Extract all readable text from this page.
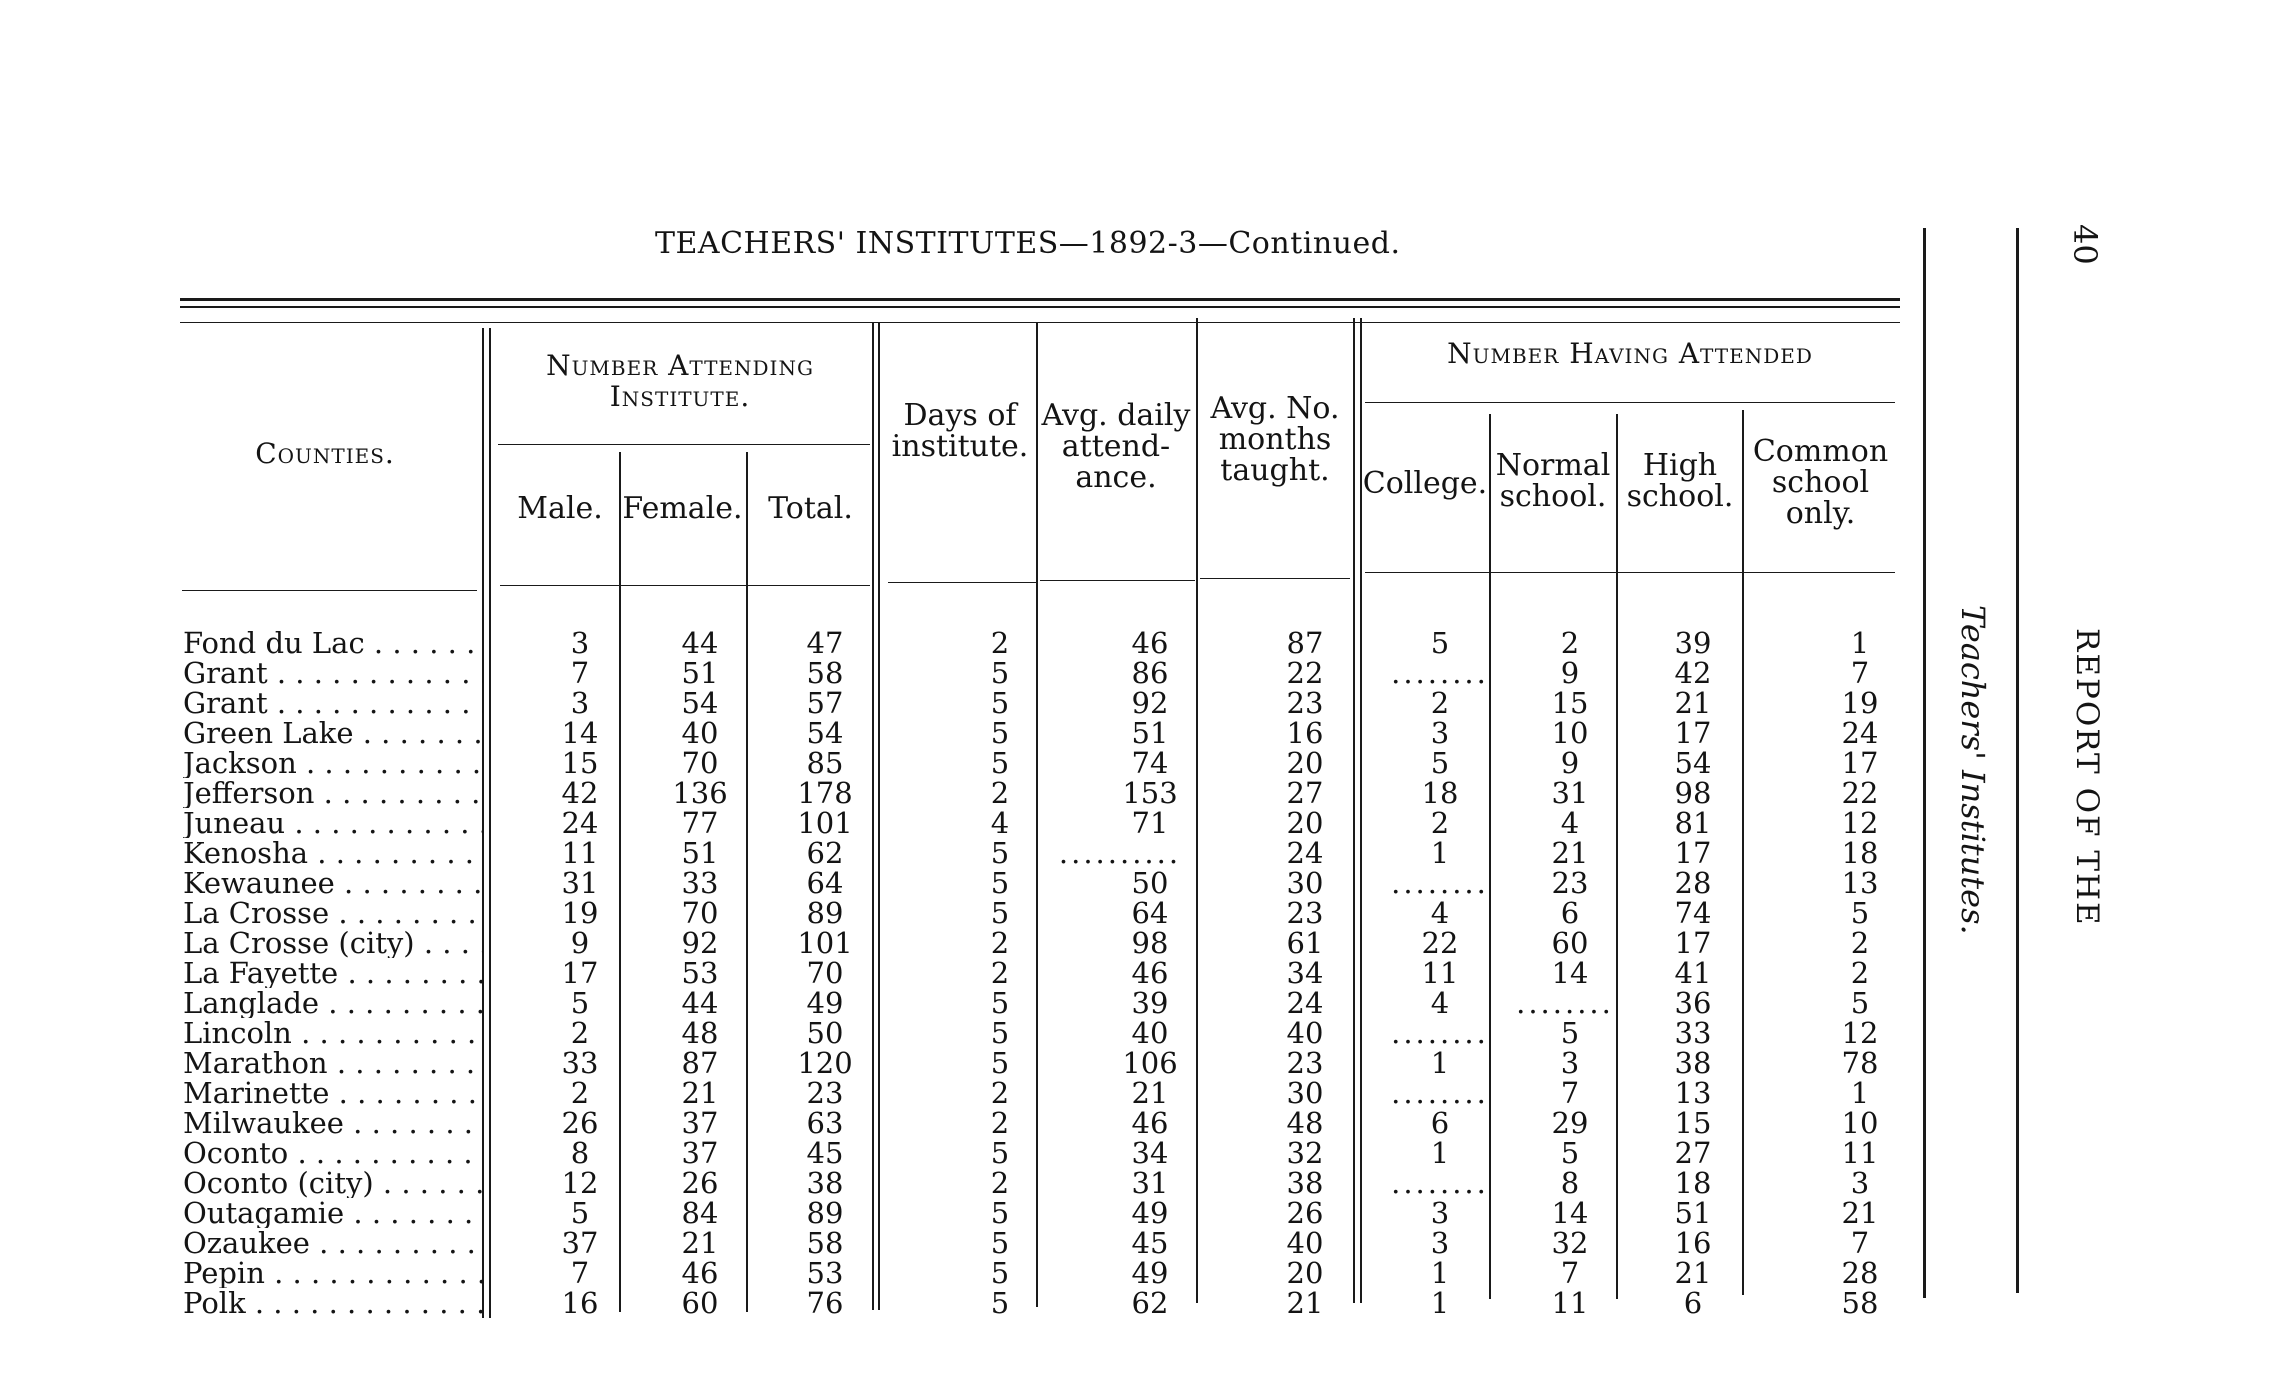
TEACHERS' INSTITUTES—1892-3—Continued.
Counties.
Number Attending Institute.
Male. Female. Total.
Days of institute.
Avg. daily attend-ance.
Avg. No. months taught.
Number Having Attended
College.
Normal school.
High school.
Common school only.
Fond du Lac . . .	3	44	47	2	46	87	5	2	39	1
Grant . . .	7	51	58	5	86	22	........	9	42	7
Grant . . .	3	54	57	5	92	23	2	15	21	19
Green Lake . . .	14	40	54	5	51	16	3	10	17	24
Jackson . . .	15	70	85	5	74	20	5	9	54	17
Jefferson . . .	42	136	178	2	153	27	18	31	98	22
Juneau . . .	24	77	101	4	71	20	2	4	81	12
Kenosha . . .	11	51	62	5	..........	24	1	21	17	18
Kewaunee . . .	31	33	64	5	50	30	........	23	28	13
La Crosse . . .	19	70	89	5	64	23	4	6	74	5
La Crosse (city) . . .	9	92	101	2	98	61	22	60	17	2
La Fayette . . .	17	53	70	2	46	34	11	14	41	2
Langlade . . .	5	44	49	5	39	24	4	........	36	5
Lincoln . . .	2	48	50	5	40	40	........	5	33	12
Marathon . . .	33	87	120	5	106	23	1	3	38	78
Marinette . . .	2	21	23	2	21	30	........	7	13	1
Milwaukee . . .	26	37	63	2	46	48	6	29	15	10
Oconto . . .	8	37	45	5	34	32	1	5	27	11
Oconto (city) . . .	12	26	38	2	31	38	........	8	18	3
Outagamie . . .	5	84	89	5	49	26	3	14	51	21
Ozaukee . . .	37	21	58	5	45	40	3	32	16	7
Pepin . . .	7	46	53	5	49	20	1	7	21	28
Polk . . .	16	60	76	5	62	21	1	11	6	58
Teachers' Institutes. REPORT OF THE
40
